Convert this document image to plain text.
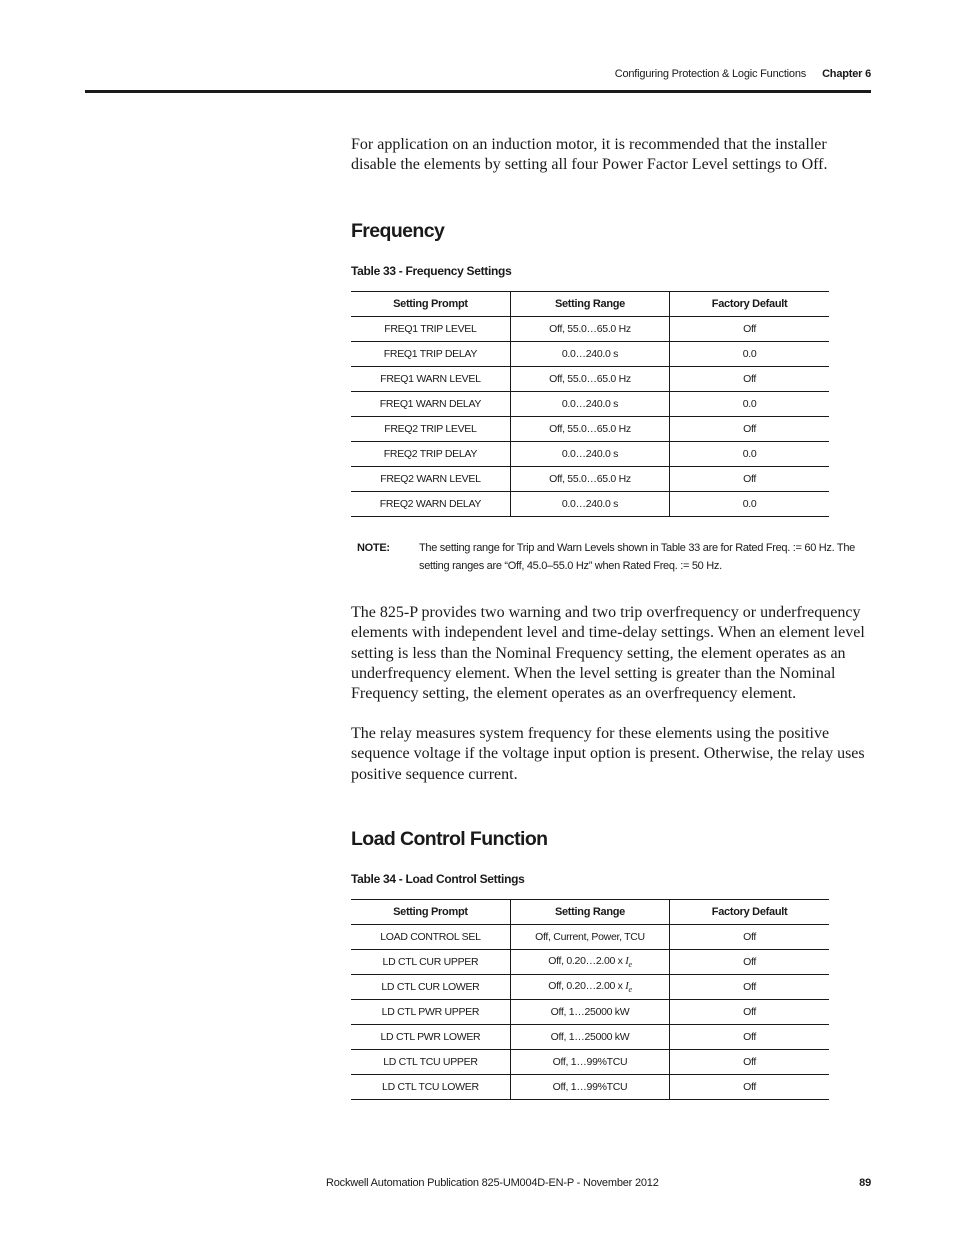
Configuring Protection & Logic Functions Chapter 6

For application on an induction motor, it is recommended that the installer disable the elements by setting all four Power Factor Level settings to Off.

Frequency

Table 33 - Frequency Settings

Setting Prompt	Setting Range	Factory Default
FREQ1 TRIP LEVEL	Off, 55.0…65.0 Hz	Off
FREQ1 TRIP DELAY	0.0…240.0 s	0.0
FREQ1 WARN LEVEL	Off, 55.0…65.0 Hz	Off
FREQ1 WARN DELAY	0.0…240.0 s	0.0
FREQ2 TRIP LEVEL	Off, 55.0…65.0 Hz	Off
FREQ2 TRIP DELAY	0.0…240.0 s	0.0
FREQ2 WARN LEVEL	Off, 55.0…65.0 Hz	Off
FREQ2 WARN DELAY	0.0…240.0 s	0.0
NOTE:	The setting range for Trip and Warn Levels shown in Table 33 are for Rated Freq. := 60 Hz. The setting ranges are “Off, 45.0–55.0 Hz” when Rated Freq. := 50 Hz.

The 825-P provides two warning and two trip overfrequency or underfrequency elements with independent level and time-delay settings. When an element level setting is less than the Nominal Frequency setting, the element operates as an underfrequency element. When the level setting is greater than the Nominal Frequency setting, the element operates as an overfrequency element.

The relay measures system frequency for these elements using the positive sequence voltage if the voltage input option is present. Otherwise, the relay uses positive sequence current.

Load Control Function

Table 34 - Load Control Settings

Setting Prompt	Setting Range	Factory Default
LOAD CONTROL SEL	Off, Current, Power, TCU	Off
LD CTL CUR UPPER	Off, 0.20…2.00 x $I_e$	Off
LD CTL CUR LOWER	Off, 0.20…2.00 x $I_e$	Off
LD CTL PWR UPPER	Off, 1…25000 kW	Off
LD CTL PWR LOWER	Off, 1…25000 kW	Off
LD CTL TCU UPPER	Off, 1…99%TCU	Off
LD CTL TCU LOWER	Off, 1…99%TCU	Off
Rockwell Automation Publication 825-UM004D-EN-P - November 2012	89
